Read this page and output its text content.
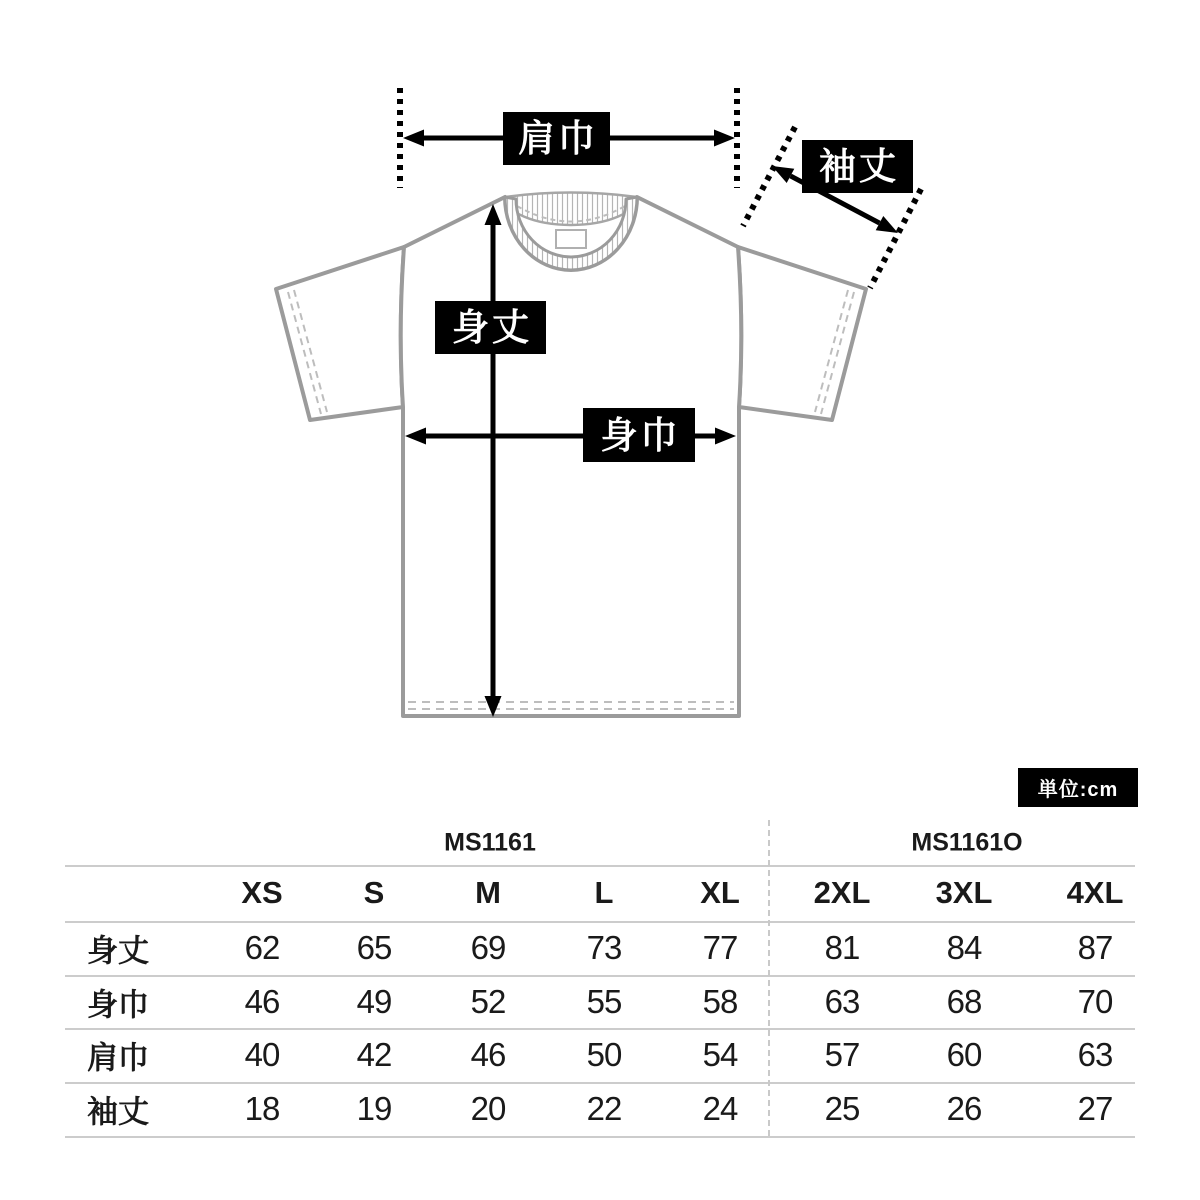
肩巾
袖丈
身丈
身巾
単位:cm
MS1161	MS1161O
XS	S	M	L	XL 2XL 3XL 4XL
身丈	62 65 69 73 77	81	84	87
身巾	46 49 52 55 58	63	68	70
肩巾	40 42 46 50 54	57	60	63
袖丈	18 19 20 22 24	25	26	27
